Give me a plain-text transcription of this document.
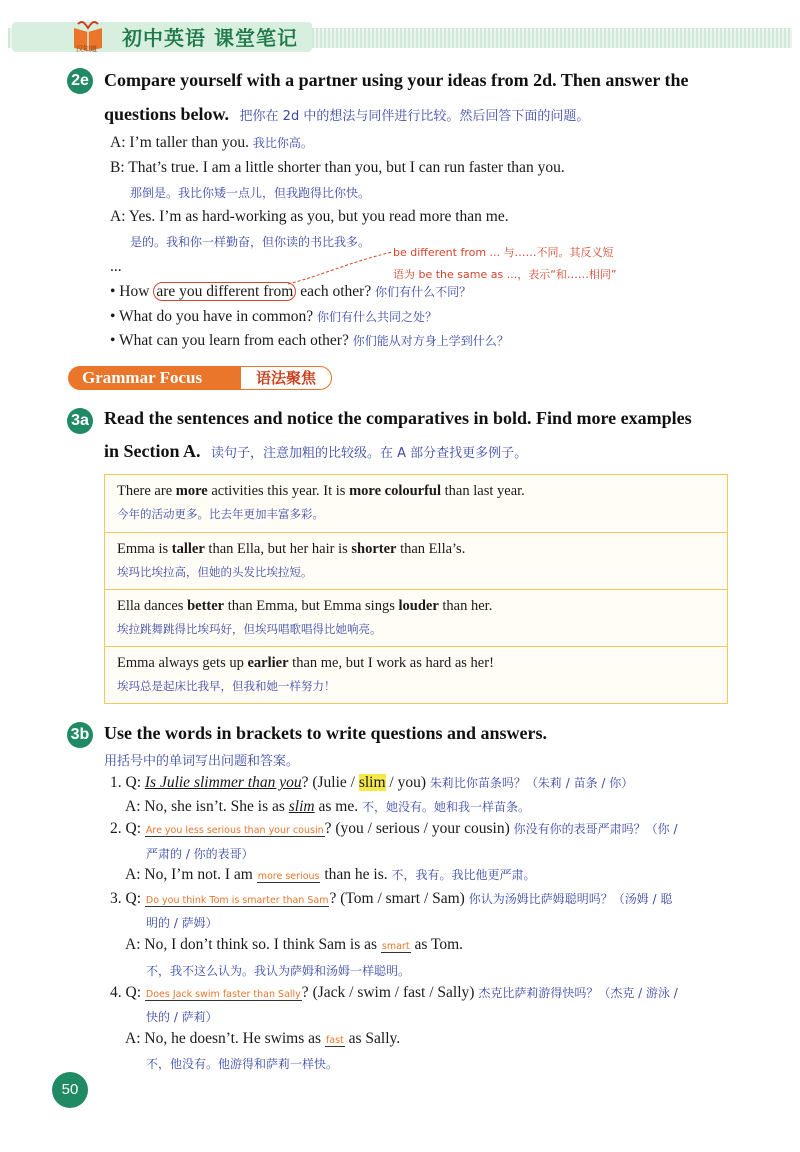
初中英语 课堂笔记
汉知道
2e Compare yourself with a partner using your ideas from 2d. Then answer the
questions below. 把你在 2d 中的想法与同伴进行比较。然后回答下面的问题。
A: I’m taller than you. 我比你高。
B: That’s true. I am a little shorter than you, but I can run faster than you.
那倒是。我比你矮一点儿，但我跑得比你快。
A: Yes. I’m as hard-working as you, but you read more than me.
是的。我和你一样勤奋，但你读的书比我多。
...
be different from ... 与……不同。其反义短
语为 be the same as ...，表示“和……相同”
• How are you different from each other? 你们有什么不同？
• What do you have in common? 你们有什么共同之处？
• What can you learn from each other? 你们能从对方身上学到什么？
Grammar Focus	语法聚焦
3a Read the sentences and notice the comparatives in bold. Find more examples
in Section A. 读句子，注意加粗的比较级。在 A 部分查找更多例子。
There are more activities this year. It is more colourful than last year.
今年的活动更多。比去年更加丰富多彩。
Emma is taller than Ella, but her hair is shorter than Ella’s.
埃玛比埃拉高，但她的头发比埃拉短。
Ella dances better than Emma, but Emma sings louder than her.
埃拉跳舞跳得比埃玛好，但埃玛唱歌唱得比她响亮。
Emma always gets up earlier than me, but I work as hard as her!
埃玛总是起床比我早，但我和她一样努力！
3b Use the words in brackets to write questions and answers.
用括号中的单词写出问题和答案。
1. Q: Is Julie slimmer than you? (Julie / slim / you) 朱莉比你苗条吗？（朱莉 / 苗条 / 你）
A: No, she isn’t. She is as slim as me. 不，她没有。她和我一样苗条。
2. Q: Are you less serious than your cousin? (you / serious / your cousin) 你没有你的表哥严肃吗？（你 /
严肃的 / 你的表哥）
A: No, I’m not. I am more serious than he is. 不，我有。我比他更严肃。
3. Q: Do you think Tom is smarter than Sam? (Tom / smart / Sam) 你认为汤姆比萨姆聪明吗？（汤姆 / 聪
明的 / 萨姆）
A: No, I don’t think so. I think Sam is as smart as Tom.
不，我不这么认为。我认为萨姆和汤姆一样聪明。
4. Q: Does Jack swim faster than Sally? (Jack / swim / fast / Sally) 杰克比萨莉游得快吗？（杰克 / 游泳 /
快的 / 萨莉）
A: No, he doesn’t. He swims as fast as Sally.
不，他没有。他游得和萨莉一样快。
50
